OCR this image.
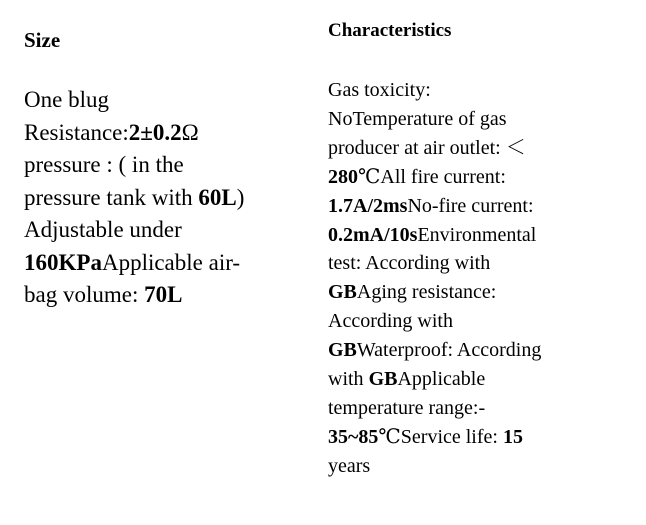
Size
One blug
Resistance:2±0.2Ω
pressure : ( in the
pressure tank with 60L)
Adjustable under
160KPaApplicable air-
bag volume: 70L
Characteristics
Gas toxicity:
NoTemperature of gas
producer at air outlet: ＜
280℃All fire current:
1.7A/2msNo-fire current:
0.2mA/10sEnvironmental
test: According with
GBAging resistance:
According with
GBWaterproof: According
with GBApplicable
temperature range:-
35~85℃Service life: 15
years
